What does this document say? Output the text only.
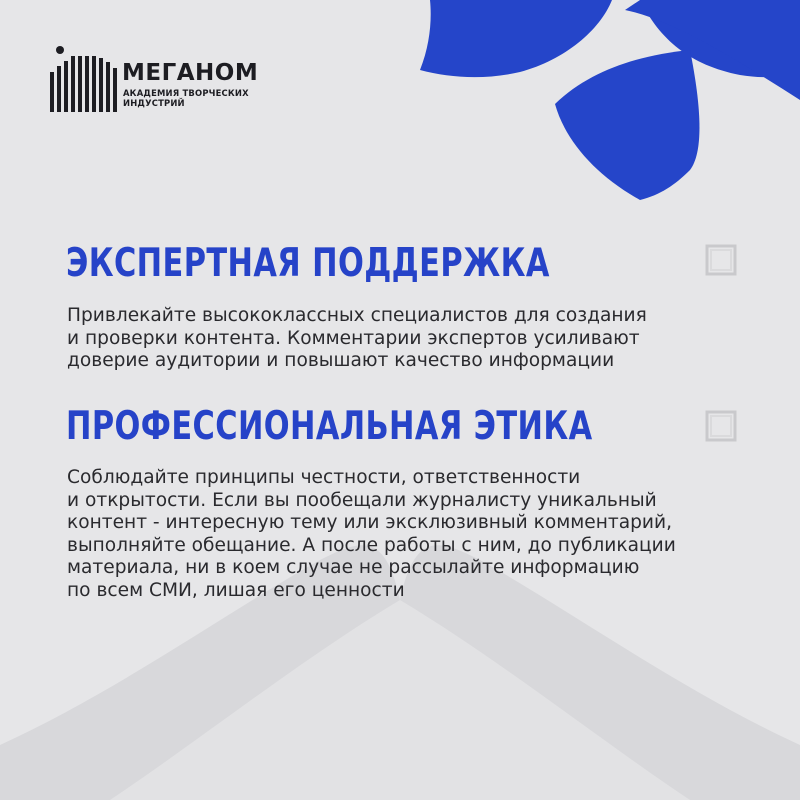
МЕГАНОМ
АКАДЕМИЯ ТВОРЧЕСКИХ
ИНДУСТРИЙ
ЭКСПЕРТНАЯ ПОДДЕРЖКА

Привлекайте высококлассных специалистов для создания
и проверки контента. Комментарии экспертов усиливают
доверие аудитории и повышают качество информации

ПРОФЕССИОНАЛЬНАЯ ЭТИКА

Соблюдайте принципы честности, ответственности
и открытости. Если вы пообещали журналисту уникальный
контент - интересную тему или эксклюзивный комментарий,
выполняйте обещание. А после работы с ним, до публикации
материала, ни в коем случае не рассылайте информацию
по всем СМИ, лишая его ценности
